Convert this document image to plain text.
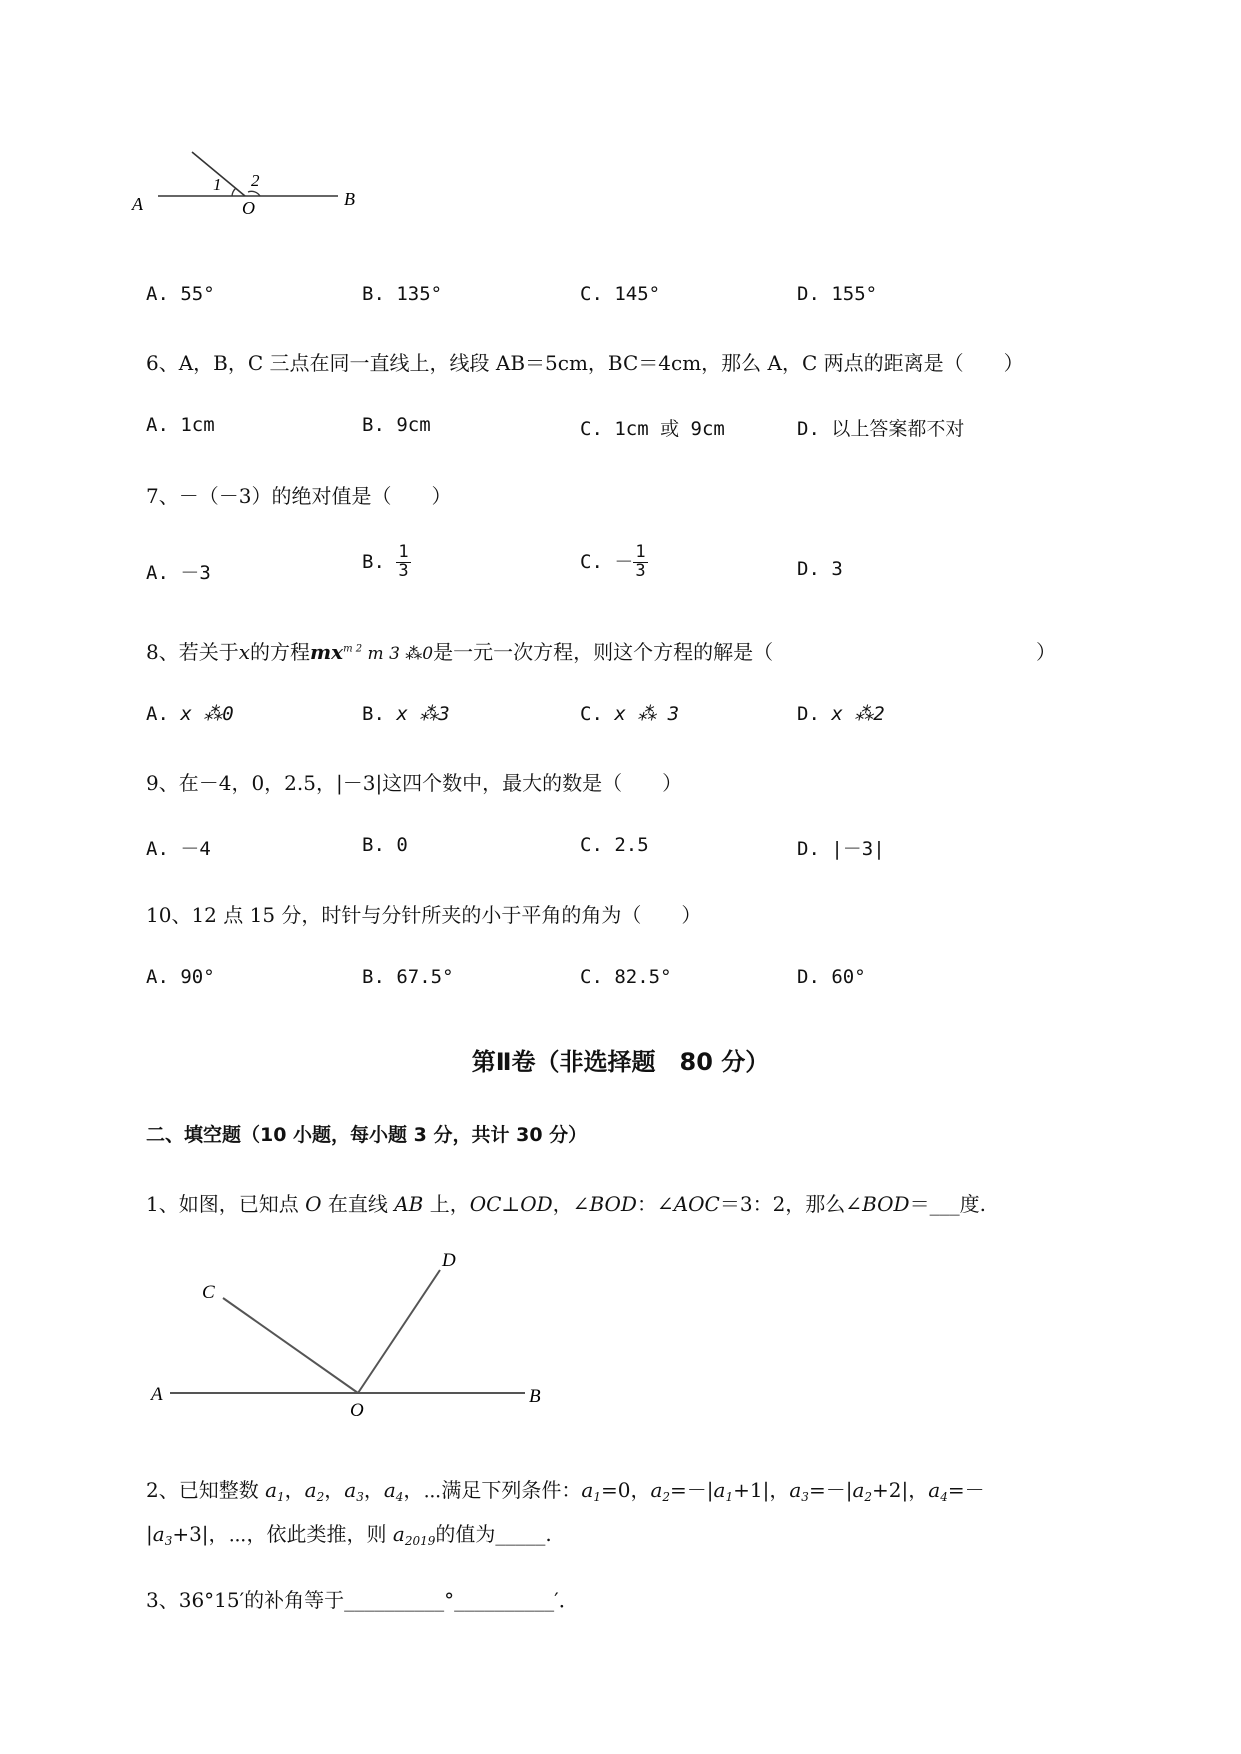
A
1 2
O	B
A. 55°	B. 135°	C. 145°	D. 155°
6、A，B，C 三点在同一直线上，线段 AB＝5cm，BC＝4cm，那么 A，C 两点的距离是（　　）
A. 1cm	B. 9cm	C. 1cm 或 9cm	D. 以上答案都不对
7、－（－3）的绝对值是（　　）
A. －3
B. $\frac{1}{3}$	C. － $\frac{1}{3}$	D. 3
8、若关于x的方程$mx^{m 2}$ m 3 ⁂0是一元一次方程，则这个方程的解是（	）
A. x ⁂0	B. x ⁂3	C. x ⁂ 3	D. x ⁂2
9、在－4，0，2.5，|－3|这四个数中，最大的数是（　　）
A. －4	B. 0	C. 2.5	D. |－3|
10、12 点 15 分，时针与分针所夹的小于平角的角为（　　）
A. 90°	B. 67.5°	C. 82.5°	D. 60°
第Ⅱ卷（非选择题　80 分）
二、填空题（10 小题，每小题 3 分，共计 30 分）
1、如图，已知点 O 在直线 AB 上，OC⊥OD，∠BOD：∠AOC＝3：2，那么∠BOD＝___度.
A
O
B
C
D
2、已知整数 $a_1$，$a_2$，$a_3$，$a_4$，⋯满足下列条件：$a_1=0$，$a_2=-|a_1+1|$，$a_3=-|a_2+2|$，$a_4=-$
$|a_3+3|$，⋯，依此类推，则 $a_{2019}$的值为_____.
3、36°15′的补角等于__________°__________′．
